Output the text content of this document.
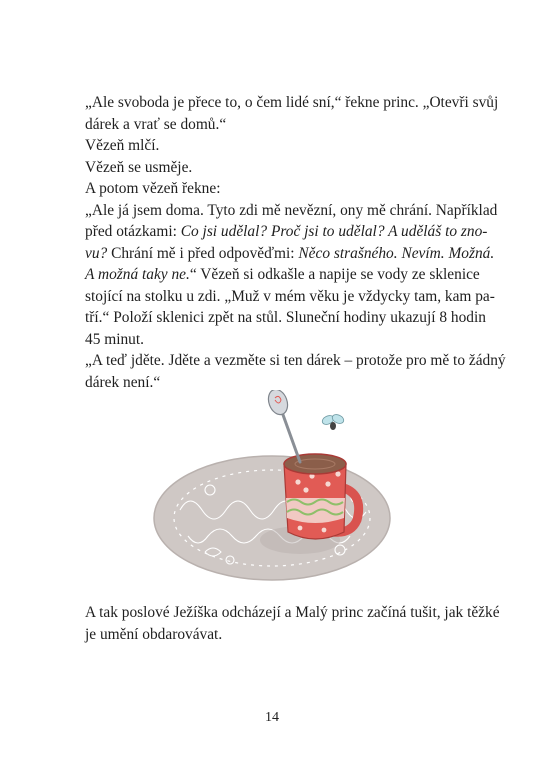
„Ale svoboda je přece to, o čem lidé sní,“ řekne princ. „Otevři svůj
dárek a vrať se domů.“
Vězeň mlčí.
Vězeň se usměje.
A potom vězeň řekne:
„Ale já jsem doma. Tyto zdi mě nevězní, ony mě chrání. Například
před otázkami: Co jsi udělal? Proč jsi to udělal? A uděláš to zno-
vu? Chrání mě i před odpověďmi: Něco strašného. Nevím. Možná.
A možná taky ne.“ Vězeň si odkašle a napije se vody ze sklenice
stojící na stolku u zdi. „Muž v mém věku je vždycky tam, kam pa-
tří.“ Položí sklenici zpět na stůl. Sluneční hodiny ukazují 8 hodin
45 minut.
„A teď jděte. Jděte a vezměte si ten dárek – protože pro mě to žádný
dárek není.“
A tak poslové Ježíška odcházejí a Malý princ začíná tušit, jak těžké
je umění obdarovávat.
14
